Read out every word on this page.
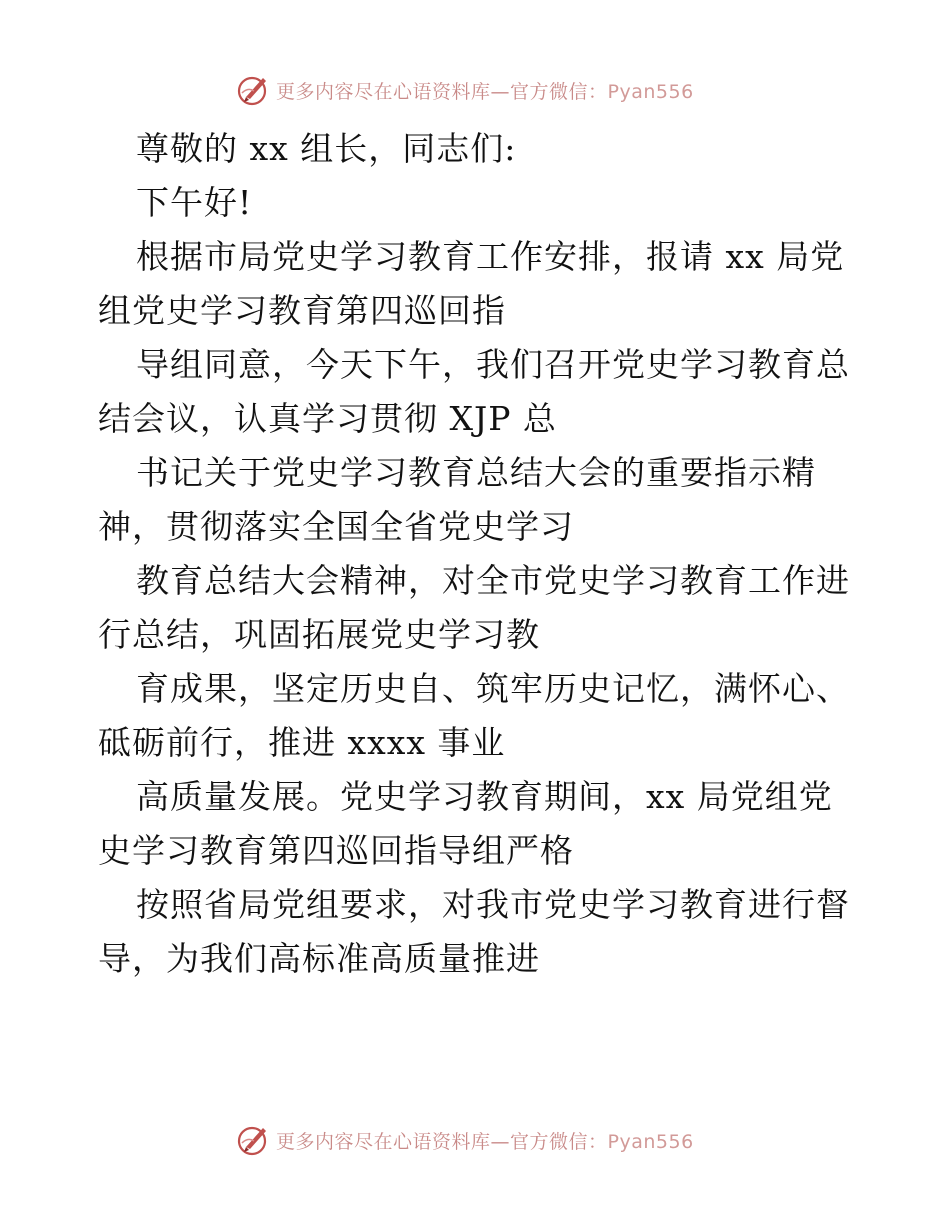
更多内容尽在心语资料库—官方微信：Pyan556
尊敬的 xx 组长，同志们:
下午好!
根据市局党史学习教育工作安排，报请 xx 局党
组党史学习教育第四巡回指
导组同意，今天下午，我们召开党史学习教育总
结会议，认真学习贯彻 XJP 总
书记关于党史学习教育总结大会的重要指示精
神，贯彻落实全国全省党史学习
教育总结大会精神，对全市党史学习教育工作进
行总结，巩固拓展党史学习教
育成果，坚定历史自、筑牢历史记忆，满怀心、
砥砺前行，推进 xxxx 事业
高质量发展。党史学习教育期间，xx 局党组党
史学习教育第四巡回指导组严格
按照省局党组要求，对我市党史学习教育进行督
导，为我们高标准高质量推进
更多内容尽在心语资料库—官方微信：Pyan556
